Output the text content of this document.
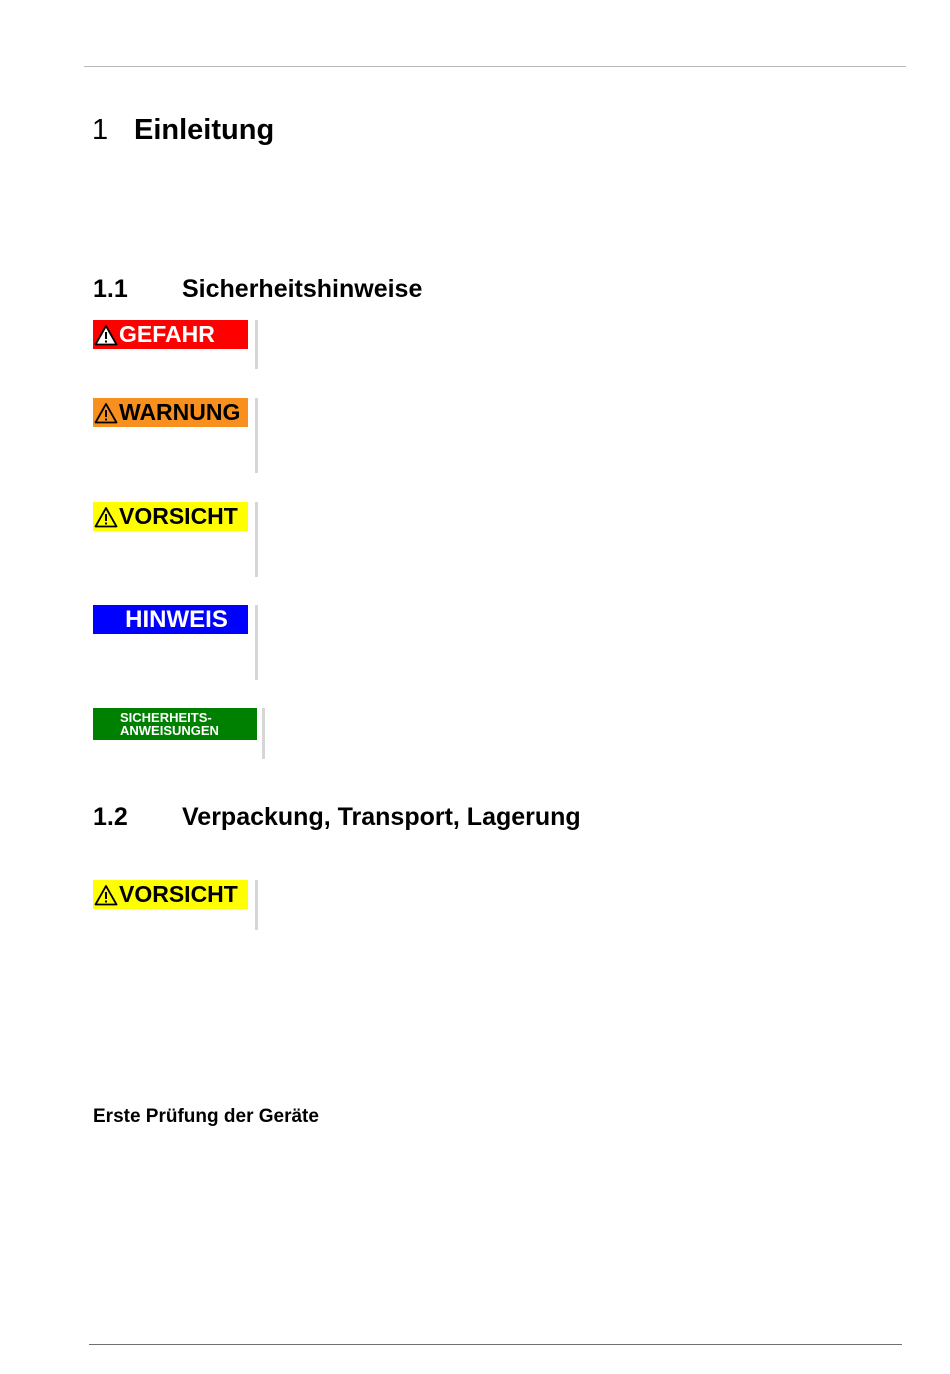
1 Einleitung
1.1 Sicherheitshinweise
GEFAHR
WARNUNG
VORSICHT
HINWEIS
SICHERHEITS-
ANWEISUNGEN
1.2 Verpackung, Transport, Lagerung
VORSICHT
Erste Prüfung der Geräte
